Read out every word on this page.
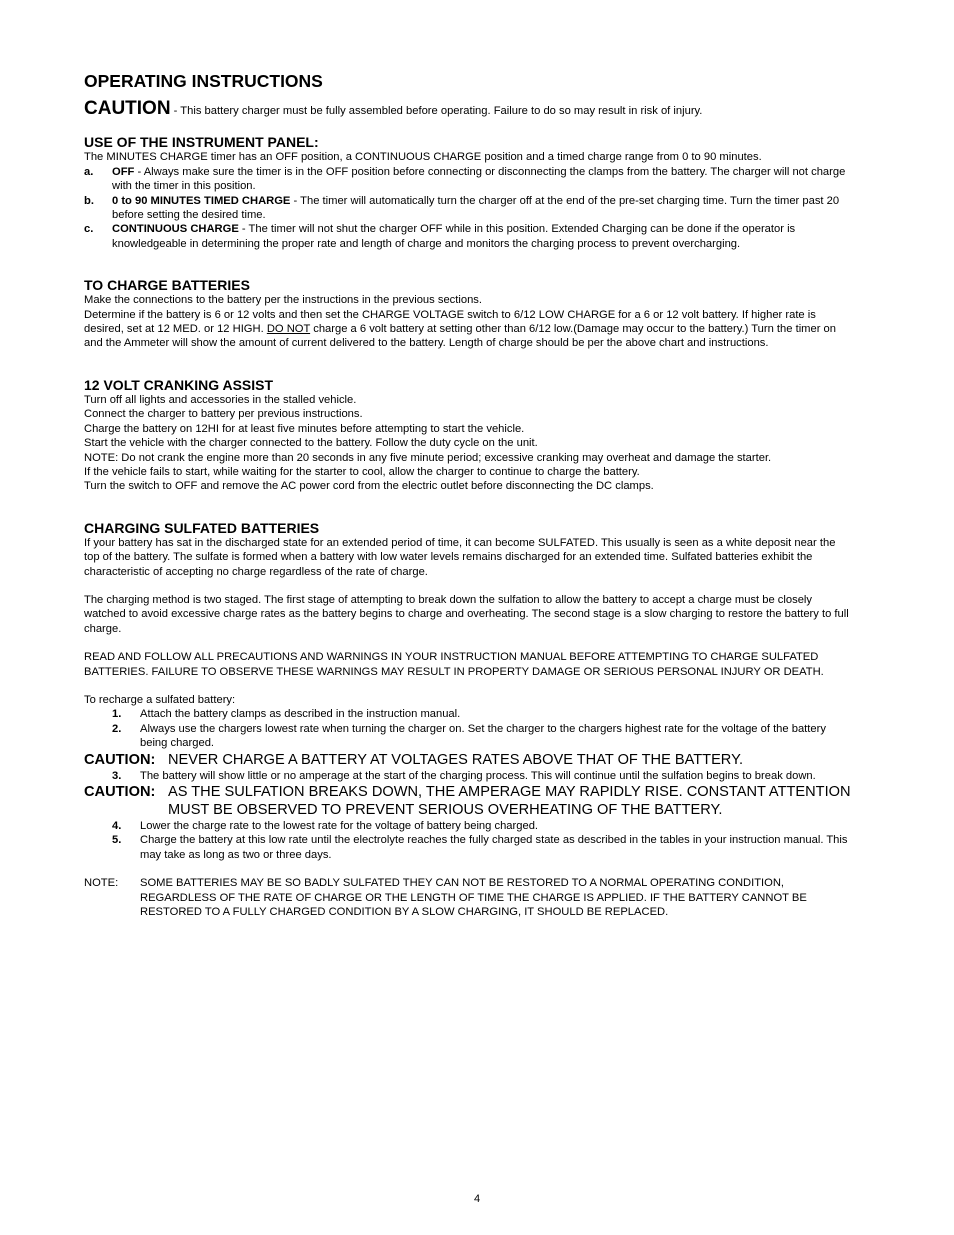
OPERATING INSTRUCTIONS

CAUTION - This battery charger must be fully assembled before operating. Failure to do so may result in risk of injury.

USE OF THE INSTRUMENT PANEL:

The MINUTES CHARGE timer has an OFF position, a CONTINUOUS CHARGE position and a timed charge range from 0 to 90 minutes.

a.	OFF - Always make sure the timer is in the OFF position before connecting or disconnecting the clamps from the battery. The charger will not charge with the timer in this position.
b.	0 to 90 MINUTES TIMED CHARGE - The timer will automatically turn the charger off at the end of the pre-set charging time. Turn the timer past 20 before setting the desired time.
c.	CONTINUOUS CHARGE - The timer will not shut the charger OFF while in this position. Extended Charging can be done if the operator is knowledgeable in determining the proper rate and length of charge and monitors the charging process to prevent overcharging.
TO CHARGE BATTERIES

Make the connections to the battery per the instructions in the previous sections.

Determine if the battery is 6 or 12 volts and then set the CHARGE VOLTAGE switch to 6/12 LOW CHARGE for a 6 or 12 volt battery. If higher rate is desired, set at 12 MED. or 12 HIGH. DO NOT charge a 6 volt battery at setting other than 6/12 low.(Damage may occur to the battery.) Turn the timer on and the Ammeter will show the amount of current delivered to the battery. Length of charge should be per the above chart and instructions.

12 VOLT CRANKING ASSIST

Turn off all lights and accessories in the stalled vehicle.

Connect the charger to battery per previous instructions.

Charge the battery on 12HI for at least five minutes before attempting to start the vehicle.

Start the vehicle with the charger connected to the battery. Follow the duty cycle on the unit.

NOTE: Do not crank the engine more than 20 seconds in any five minute period; excessive cranking may overheat and damage the starter.

If the vehicle fails to start, while waiting for the starter to cool, allow the charger to continue to charge the battery.

Turn the switch to OFF and remove the AC power cord from the electric outlet before disconnecting the DC clamps.

CHARGING SULFATED BATTERIES

If your battery has sat in the discharged state for an extended period of time, it can become SULFATED. This usually is seen as a white deposit near the top of the battery. The sulfate is formed when a battery with low water levels remains discharged for an extended time. Sulfated batteries exhibit the characteristic of accepting no charge regardless of the rate of charge.

The charging method is two staged. The first stage of attempting to break down the sulfation to allow the battery to accept a charge must be closely watched to avoid excessive charge rates as the battery begins to charge and overheating. The second stage is a slow charging to restore the battery to full charge.

READ AND FOLLOW ALL PRECAUTIONS AND WARNINGS IN YOUR INSTRUCTION MANUAL BEFORE ATTEMPTING TO CHARGE SULFATED BATTERIES. FAILURE TO OBSERVE THESE WARNINGS MAY RESULT IN PROPERTY DAMAGE OR SERIOUS PERSONAL INJURY OR DEATH.

To recharge a sulfated battery:

1.	Attach the battery clamps as described in the instruction manual.
2.	Always use the chargers lowest rate when turning the charger on. Set the charger to the chargers highest rate for the voltage of the battery being charged.
CAUTION: NEVER CHARGE A BATTERY AT VOLTAGES RATES ABOVE THAT OF THE BATTERY.
3.	The battery will show little or no amperage at the start of the charging process. This will continue until the sulfation begins to break down.
CAUTION: AS THE SULFATION BREAKS DOWN, THE AMPERAGE MAY RAPIDLY RISE. CONSTANT ATTENTION MUST BE OBSERVED TO PREVENT SERIOUS OVERHEATING OF THE BATTERY.
4.	Lower the charge rate to the lowest rate for the voltage of battery being charged.
5.	Charge the battery at this low rate until the electrolyte reaches the fully charged state as described in the tables in your instruction manual. This may take as long as two or three days.
NOTE:	SOME BATTERIES MAY BE SO BADLY SULFATED THEY CAN NOT BE RESTORED TO A NORMAL OPERATING CONDITION, REGARDLESS OF THE RATE OF CHARGE OR THE LENGTH OF TIME THE CHARGE IS APPLIED. IF THE BATTERY CANNOT BE RESTORED TO A FULLY CHARGED CONDITION BY A SLOW CHARGING, IT SHOULD BE REPLACED.
4
